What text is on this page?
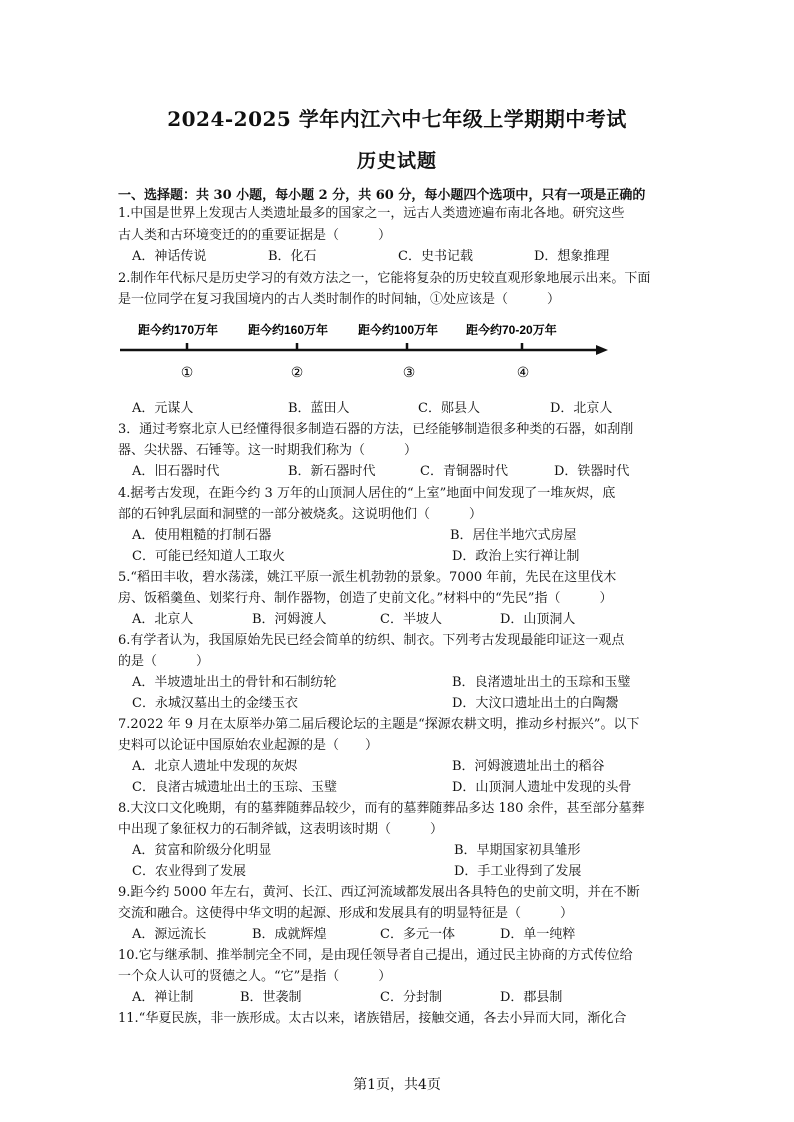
2024-2025 学年内江六中七年级上学期期中考试
历史试题
一、选择题：共 30 小题，每小题 2 分，共 60 分，每小题四个选项中，只有一项是正确的
1.中国是世界上发现古人类遗址最多的国家之一，远古人类遗迹遍布南北各地。研究这些
古人类和古环境变迁的的重要证据是（　　　）
A．神话传说	B．化石	C．史书记载	D．想象推理
2.制作年代标尺是历史学习的有效方法之一，它能将复杂的历史较直观形象地展示出来。下面
是一位同学在复习我国境内的古人类时制作的时间轴，①处应该是（　　　）
距今约170万年 距今约160万年 距今约100万年 距今约70-20万年
①	②	③	④
A．元谋人	B．蓝田人	C．郧县人	D．北京人
3．通过考察北京人已经懂得很多制造石器的方法，已经能够制造很多种类的石器，如刮削
器、尖状器、石锤等。这一时期我们称为（　　　）
A．旧石器时代	B．新石器时代	C．青铜器时代	D．铁器时代
4.据考古发现，在距今约 3 万年的山顶洞人居住的“上室”地面中间发现了一堆灰烬，底
部的石钟乳层面和洞壁的一部分被烧炙。这说明他们（　　　）
A．使用粗糙的打制石器	B．居住半地穴式房屋
C．可能已经知道人工取火	D．政治上实行禅让制
5.“稻田丰收，碧水荡漾，姚江平原一派生机勃勃的景象。7000 年前，先民在这里伐木
房、饭稻羹鱼、划桨行舟、制作器物，创造了史前文化。”材料中的“先民”指（　　　）
A．北京人	B．河姆渡人	C．半坡人	D．山顶洞人
6.有学者认为，我国原始先民已经会简单的纺织、制衣。下列考古发现最能印证这一观点
的是（　　　）
A．半坡遗址出土的骨针和石制纺轮	B．良渚遗址出土的玉琮和玉璧
C．永城汉墓出土的金缕玉衣	D．大汶口遗址出土的白陶鬶
7.2022 年 9 月在太原举办第二届后稷论坛的主题是“探源农耕文明，推动乡村振兴”。以下
史料可以论证中国原始农业起源的是（　　）
A．北京人遗址中发现的灰烬	B．河姆渡遗址出土的稻谷
C．良渚古城遗址出土的玉琮、玉璧	D．山顶洞人遗址中发现的头骨
8.大汶口文化晚期，有的墓葬随葬品较少，而有的墓葬随葬品多达 180 余件，甚至部分墓葬
中出现了象征权力的石制斧钺，这表明该时期（　　　）
A．贫富和阶级分化明显	B．早期国家初具雏形
C．农业得到了发展	D．手工业得到了发展
9.距今约 5000 年左右，黄河、长江、西辽河流域都发展出各具特色的史前文明，并在不断
交流和融合。这使得中华文明的起源、形成和发展具有的明显特征是（　　　）
A．源远流长	B．成就辉煌	C．多元一体	D．单一纯粹
10.它与继承制、推举制完全不同，是由现任领导者自己提出，通过民主协商的方式传位给
一个众人认可的贤德之人。“它”是指（　　　）
A．禅让制	B．世袭制	C．分封制	D．郡县制
11.“华夏民族，非一族形成。太古以来，诸族错居，接触交通，各去小异而大同，渐化合
第1页，共4页
